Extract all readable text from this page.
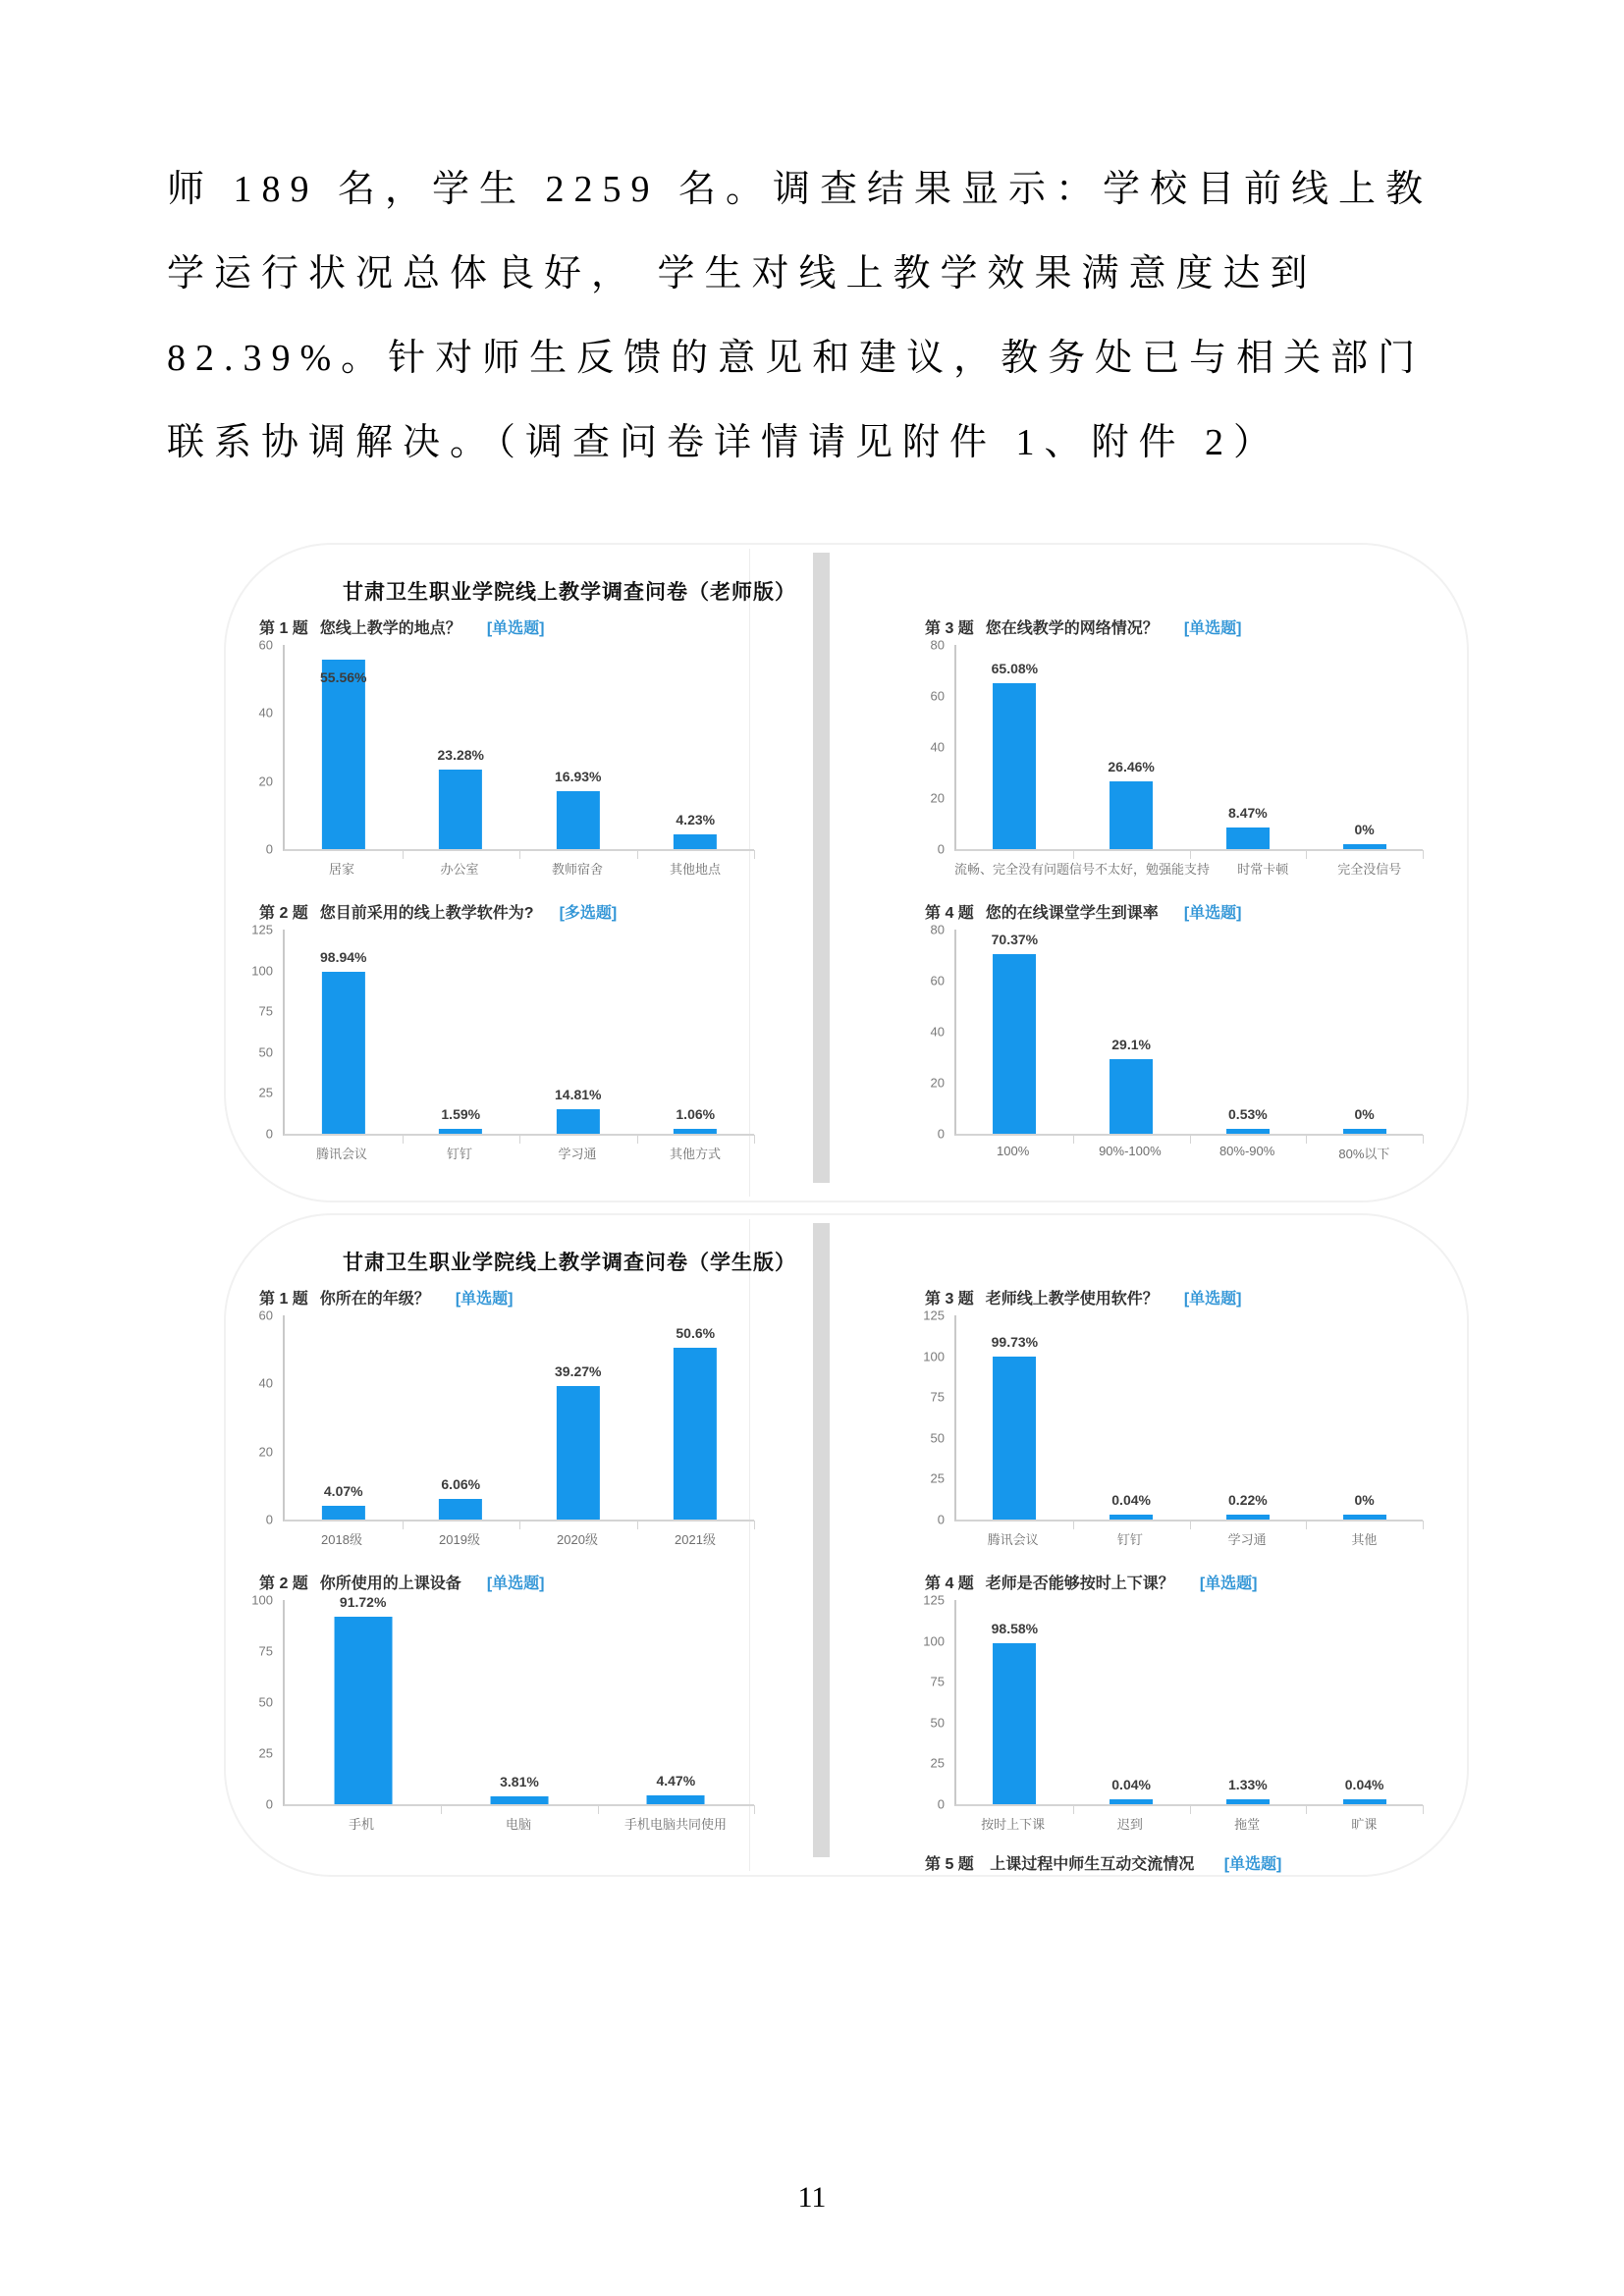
师 189 名，学生 2259 名。调查结果显示：学校目前线上教
学运行状况总体良好， 学生对线上教学效果满意度达到
82.39%。针对师生反馈的意见和建议，教务处已与相关部门
联系协调解决。（调查问卷详情请见附件 1、附件 2）
甘肃卫生职业学院线上教学调查问卷（老师版）
第 1 题 您线上教学的地点？ [单选题]
0
20
40
60
55.56%
23.28%
16.93%
4.23%
居家	办公室	教师宿舍	其他地点
第 2 题 您目前采用的线上教学软件为? [多选题]
0
25
50
75
100
125
98.94%
1.59%
14.81%
1.06%
腾讯会议	钉钉	学习通	其他方式
第 3 题 您在线教学的网络情况？ [单选题]
0
20
40
60
80
65.08%
26.46%
8.47%
0%
流畅、完全没有问题 信号不太好，勉强能支持	时常卡顿	完全没信号
第 4 题 您的在线课堂学生到课率 [单选题]
0
20
40
60
80
70.37%
29.1%
0.53%	0%
100%	90%-100%	80%-90%	80%以下
甘肃卫生职业学院线上教学调查问卷（学生版）
第 1 题 你所在的年级？ [单选题]
0
20
40
60
4.07%	6.06%
39.27%
50.6%
2018级	2019级	2020级	2021级
第 2 题 你所使用的上课设备 [单选题]
0
25
50
75
100	91.72%
3.81%	4.47%
手机	电脑	手机电脑共同使用
第 3 题 老师线上教学使用软件？ [单选题]
0
25
50
75
100
125
99.73%
0.04%	0.22%	0%
腾讯会议	钉钉	学习通	其他
第 4 题 老师是否能够按时上下课？ [单选题]
0
25
50
75
100
125
98.58%
0.04%	1.33%	0.04%
按时上下课	迟到	拖堂	旷课
第 5 题 上课过程中师生互动交流情况 [单选题]
11
